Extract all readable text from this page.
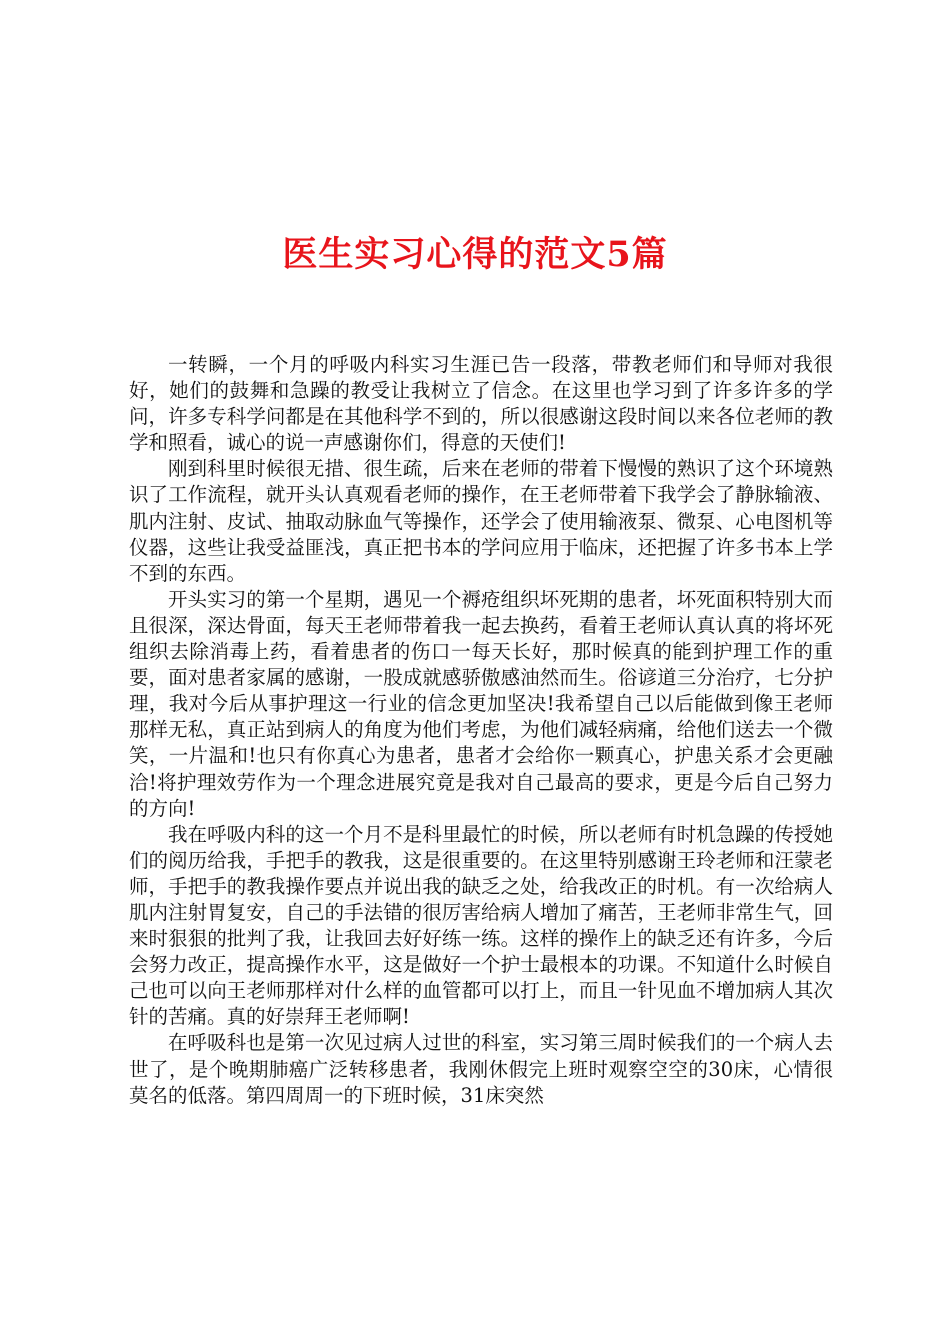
医生实习心得的范文5篇

一转瞬，一个月的呼吸内科实习生涯已告一段落，带教老师们和导师对我很好，她们的鼓舞和急躁的教受让我树立了信念。在这里也学习到了许多许多的学问，许多专科学问都是在其他科学不到的，所以很感谢这段时间以来各位老师的教学和照看，诚心的说一声感谢你们，得意的天使们!

刚到科里时候很无措、很生疏，后来在老师的带着下慢慢的熟识了这个环境熟识了工作流程，就开头认真观看老师的操作，在王老师带着下我学会了静脉输液、肌内注射、皮试、抽取动脉血气等操作，还学会了使用输液泵、微泵、心电图机等仪器，这些让我受益匪浅，真正把书本的学问应用于临床，还把握了许多书本上学不到的东西。

开头实习的第一个星期，遇见一个褥疮组织坏死期的患者，坏死面积特别大而且很深，深达骨面，每天王老师带着我一起去换药，看着王老师认真认真的将坏死组织去除消毒上药，看着患者的伤口一每天长好，那时候真的能到护理工作的重要，面对患者家属的感谢，一股成就感骄傲感油然而生。俗谚道三分治疗，七分护理，我对今后从事护理这一行业的信念更加坚决!我希望自己以后能做到像王老师那样无私，真正站到病人的角度为他们考虑，为他们减轻病痛，给他们送去一个微笑，一片温和!也只有你真心为患者，患者才会给你一颗真心，护患关系才会更融洽!将护理效劳作为一个理念进展究竟是我对自己最高的要求，更是今后自己努力的方向!

我在呼吸内科的这一个月不是科里最忙的时候，所以老师有时机急躁的传授她们的阅历给我，手把手的教我，这是很重要的。在这里特别感谢王玲老师和汪蒙老师，手把手的教我操作要点并说出我的缺乏之处，给我改正的时机。有一次给病人肌内注射胃复安，自己的手法错的很厉害给病人增加了痛苦，王老师非常生气，回来时狠狠的批判了我，让我回去好好练一练。这样的操作上的缺乏还有许多，今后会努力改正，提高操作水平，这是做好一个护士最根本的功课。不知道什么时候自己也可以向王老师那样对什么样的血管都可以打上，而且一针见血不增加病人其次针的苦痛。真的好崇拜王老师啊!

在呼吸科也是第一次见过病人过世的科室，实习第三周时候我们的一个病人去世了，是个晚期肺癌广泛转移患者，我刚休假完上班时观察空空的30床，心情很莫名的低落。第四周周一的下班时候，31床突然
